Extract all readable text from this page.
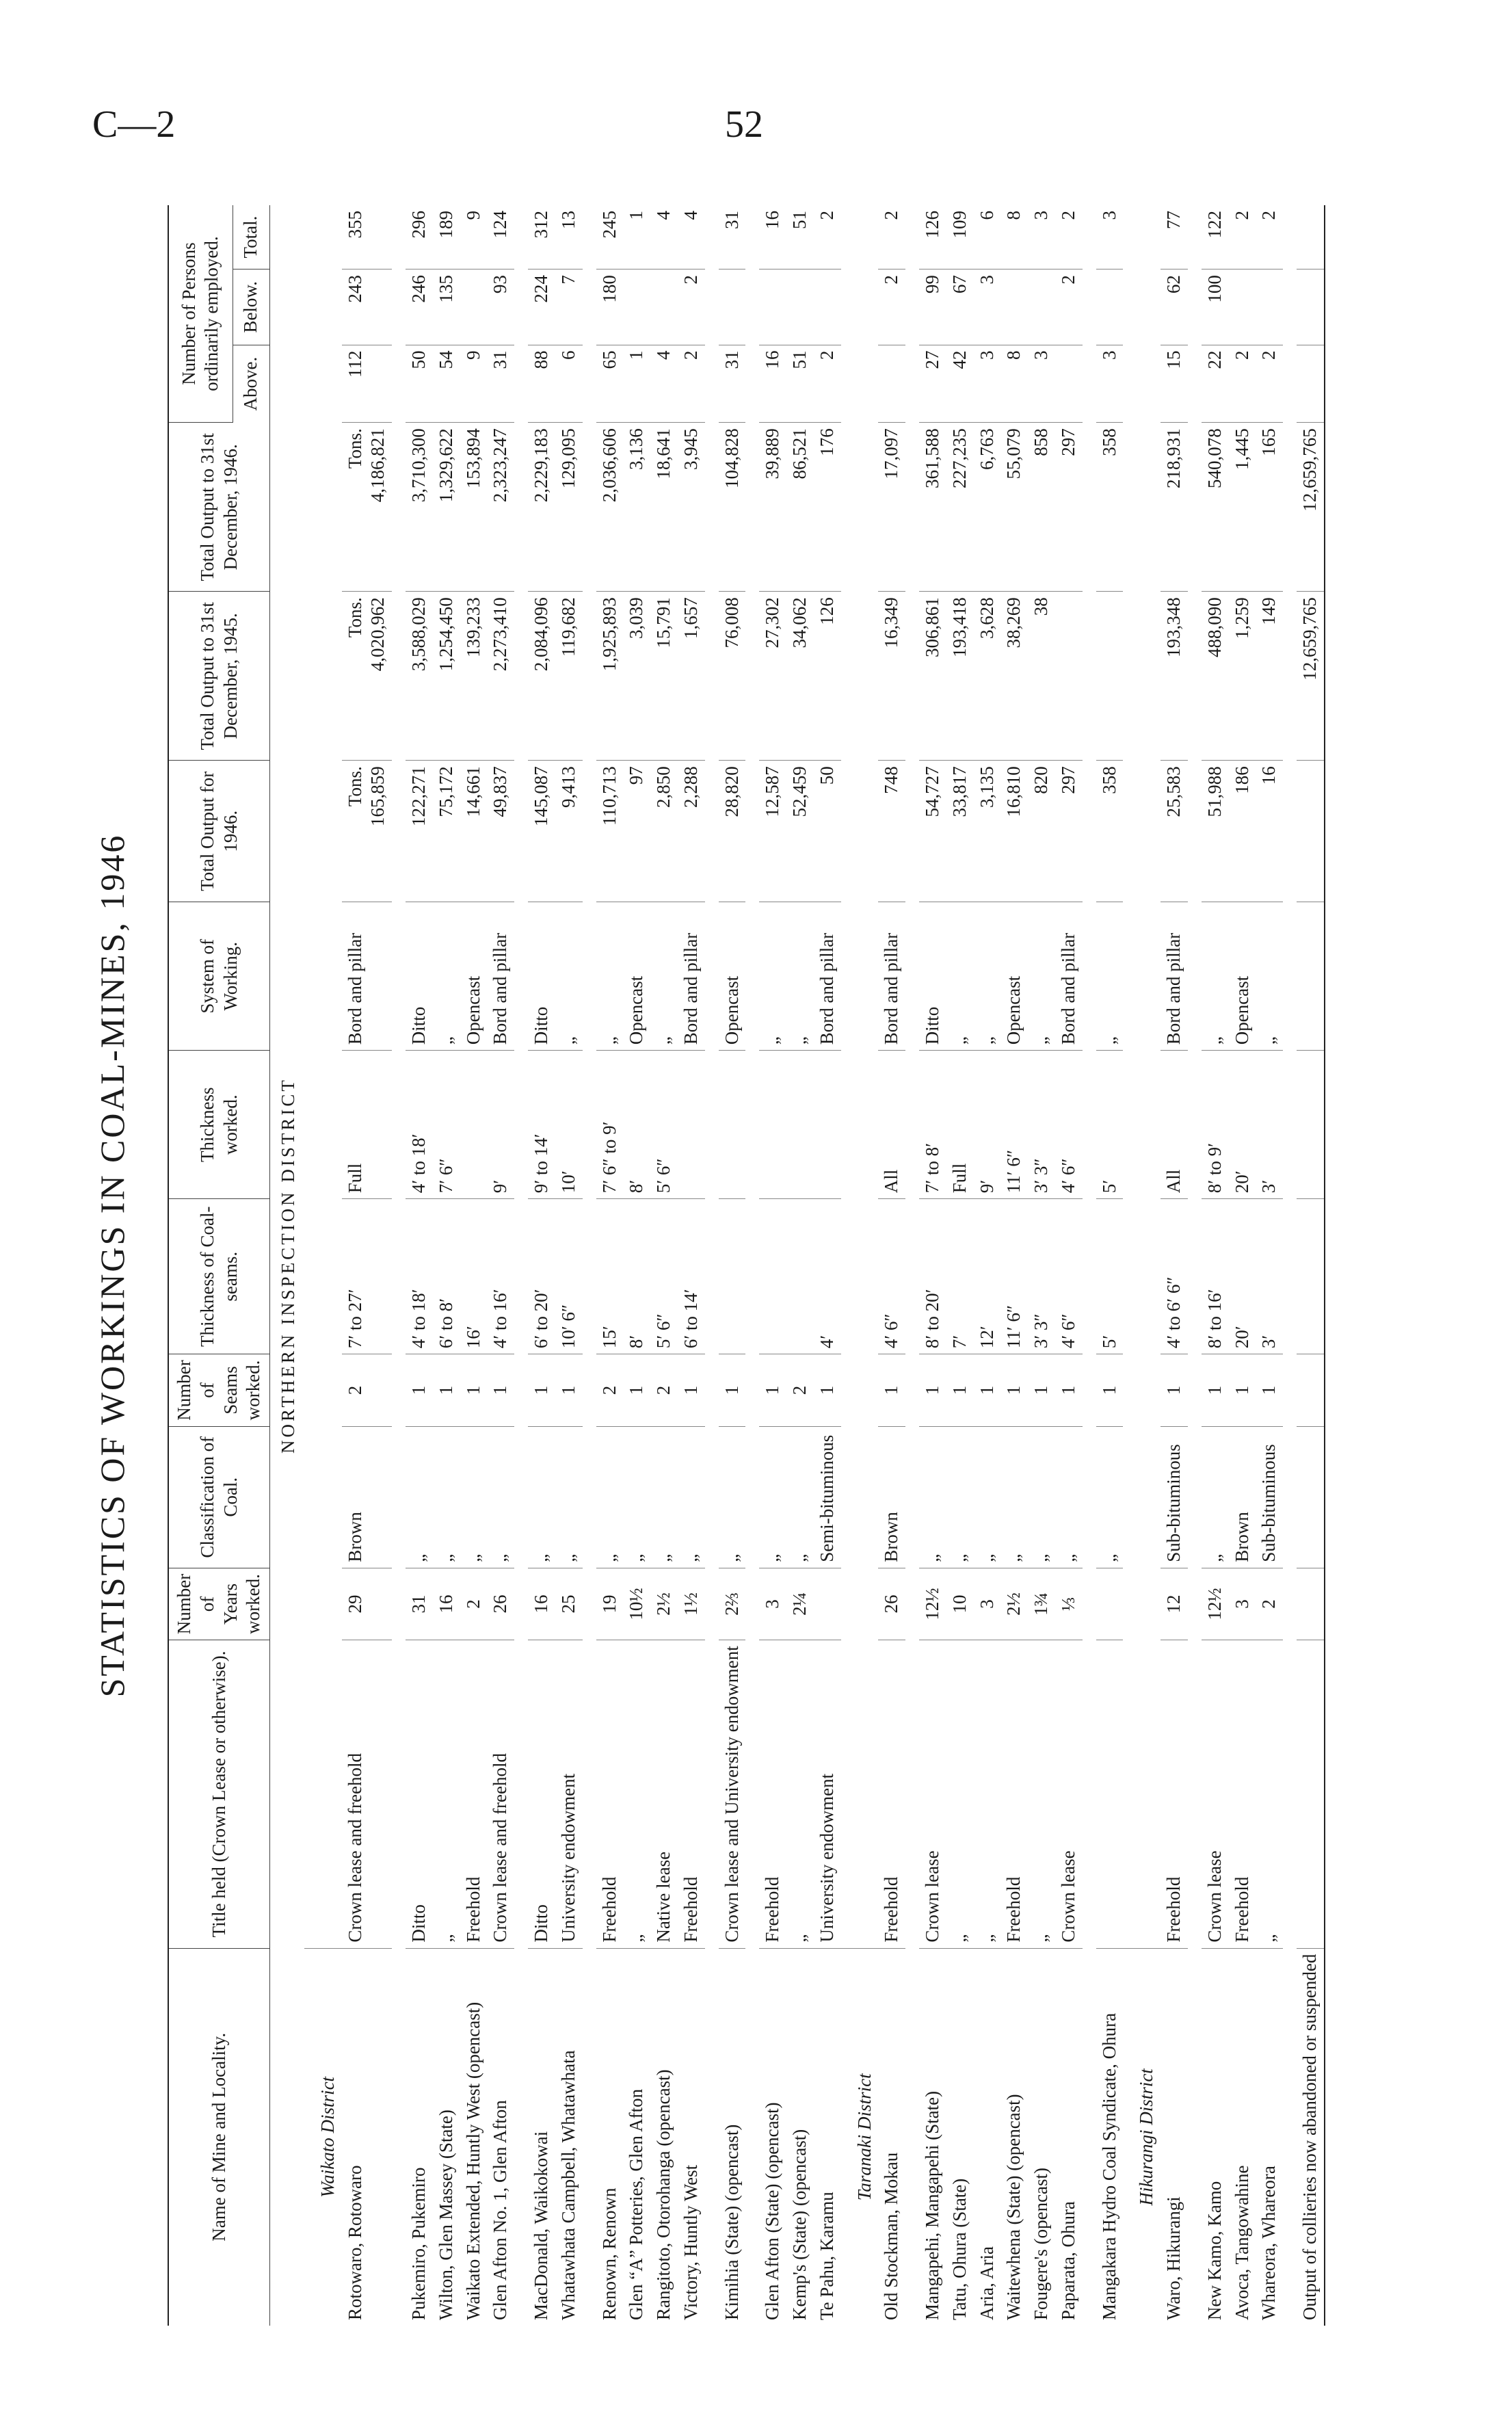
C—2	52
STATISTICS OF WORKINGS IN COAL-MINES, 1946
Name of Mine and Locality.	Title held (Crown Lease or otherwise).	Number of Years worked.	Classification of Coal.	Number of Seams worked.	Thickness of Coal-seams.	Thickness worked.	System of Working.	Total Output for 1946.	Total Output to 31st December, 1945.	Total Output to 31st December, 1946.	Number of Persons ordinarily employed.		
											Above.	Below.	Total.
NORTHERN INSPECTION DISTRICT													
Waikato District													
Rotowaro, Rotowaro	Crown lease and freehold	29	Brown	2	7′ to 27′	Full	Bord and pillar	Tons. 165,859	Tons. 4,020,962	Tons. 4,186,821	112	243	355

Pukemiro, Pukemiro	Ditto	31	„	1	4′ to 18′	4′ to 18′	Ditto	122,271	3,588,029	3,710,300	50	246	296
Wilton, Glen Massey (State)	„	16	„	1	6′ to 8′	7′ 6″	„	75,172	1,254,450	1,329,622	54	135	189
Waikato Extended, Huntly West (opencast)	Freehold	2	„	1	16′		Opencast	14,661	139,233	153,894	9		9
Glen Afton No. 1, Glen Afton	Crown lease and freehold	26	„	1	4′ to 16′	9′	Bord and pillar	49,837	2,273,410	2,323,247	31	93	124

MacDonald, Waikokowai	Ditto	16	„	1	6′ to 20′	9′ to 14′	Ditto	145,087	2,084,096	2,229,183	88	224	312
Whatawhata Campbell, Whatawhata	University endowment	25	„	1	10′ 6″	10′	„	9,413	119,682	129,095	6	7	13

Renown, Renown	Freehold	19	„	2	15′	7′ 6″ to 9′	„	110,713	1,925,893	2,036,606	65	180	245
Glen “A” Potteries, Glen Afton	„	10½	„	1	8′	8′	Opencast	97	3,039	3,136	1		1
Rangitoto, Otorohanga (opencast)	Native lease	2½	„	2	5′ 6″	5′ 6″	„	2,850	15,791	18,641	4		4
Victory, Huntly West	Freehold	1½	„	1	6′ to 14′		Bord and pillar	2,288	1,657	3,945	2	2	4

Kimihia (State) (opencast)	Crown lease and University endowment	2⅔	„	1			Opencast	28,820	76,008	104,828	31		31

Glen Afton (State) (opencast)	Freehold	3	„	1			„	12,587	27,302	39,889	16		16
Kemp's (State) (opencast)	„	2¼	„	2			„	52,459	34,062	86,521	51		51
Te Pahu, Karamu	University endowment		Semi-bituminous	1	4′		Bord and pillar	50	126	176	2		2
Taranaki District													
Old Stockman, Mokau	Freehold	26	Brown	1	4′ 6″	All	Bord and pillar	748	16,349	17,097		2	2

Mangapehi, Mangapehi (State)	Crown lease	12½	„	1	8′ to 20′	7′ to 8′	Ditto	54,727	306,861	361,588	27	99	126
Tatu, Ohura (State)	„	10	„	1	7′	Full	„	33,817	193,418	227,235	42	67	109
Aria, Aria	„	3	„	1	12′	9′	„	3,135	3,628	6,763	3	3	6
Waitewhena (State) (opencast)	Freehold	2½	„	1	11′ 6″	11′ 6″	Opencast	16,810	38,269	55,079	8		8
Fougere's (opencast)	„	1¾	„	1	3′ 3″	3′ 3″	„	820	38	858	3		3
Paparata, Ohura	Crown lease	⅓	„	1	4′ 6″	4′ 6″	Bord and pillar	297		297		2	2

Mangakara Hydro Coal Syndicate, Ohura			„	1	5′	5′	„	358		358	3		3
Hikurangi District													
Waro, Hikurangi	Freehold	12	Sub-bituminous	1	4′ to 6′ 6″	All	Bord and pillar	25,583	193,348	218,931	15	62	77

New Kamo, Kamo	Crown lease	12½	„	1	8′ to 16′	8′ to 9′	„	51,988	488,090	540,078	22	100	122
Avoca, Tangowahine	Freehold	3	Brown	1	20′	20′	Opencast	186	1,259	1,445	2		2
Whareora, Whareora	„	2	Sub-bituminous	1	3′	3′	„	16	149	165	2		2

Output of collieries now abandoned or suspended									12,659,765	12,659,765			
